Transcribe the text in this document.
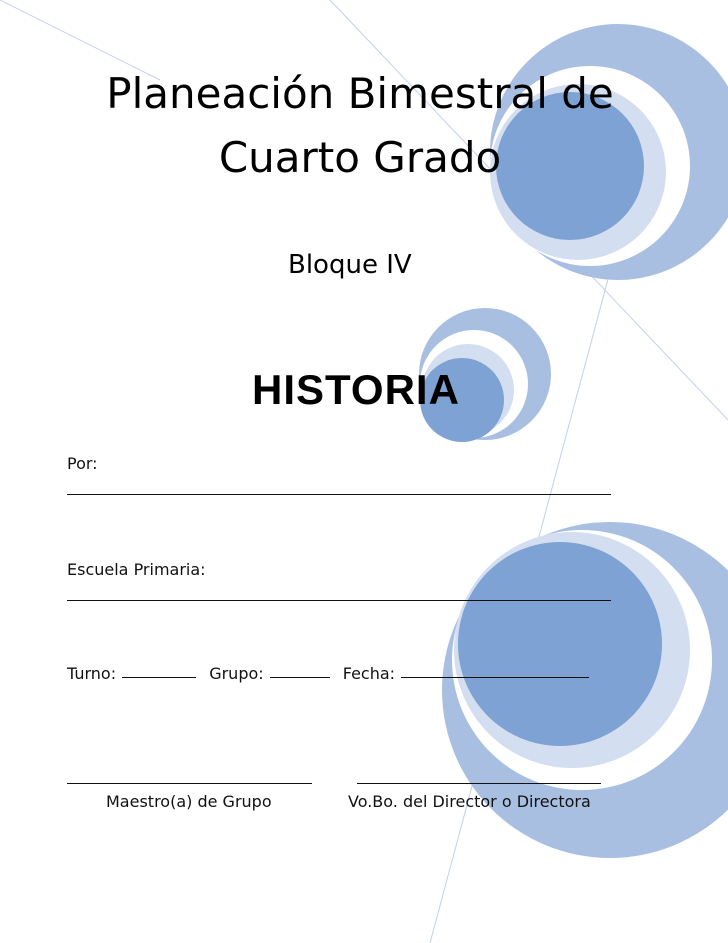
Planeación Bimestral de
Cuarto Grado
Bloque IV
HISTORIA
Por:
Escuela Primaria:
Turno:	Grupo:	Fecha:
Maestro(a) de Grupo	Vo.Bo. del Director o Directora
